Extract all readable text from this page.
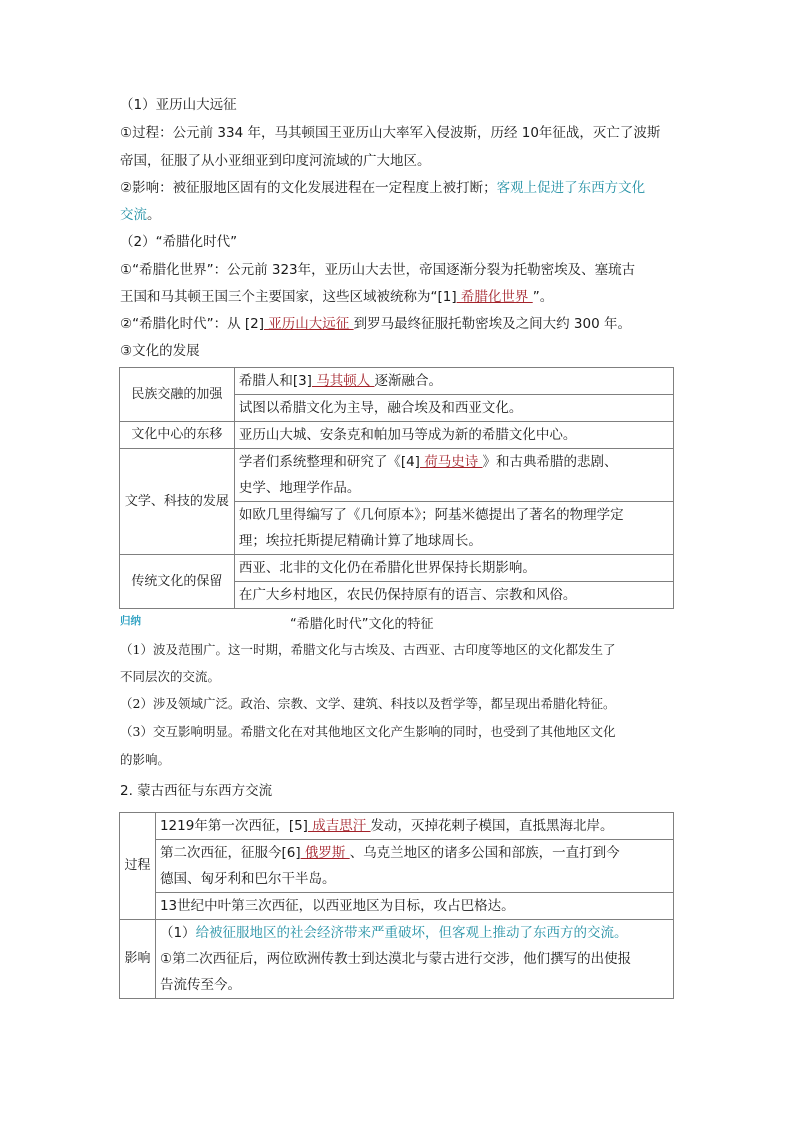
（1）亚历山大远征
①过程：公元前 334 年，马其顿国王亚历山大率军入侵波斯，历经 10年征战，灭亡了波斯
帝国，征服了从小亚细亚到印度河流域的广大地区。
②影响：被征服地区固有的文化发展进程在一定程度上被打断；客观上促进了东西方文化
交流。
（2）“希腊化时代”
①“希腊化世界”：公元前 323年，亚历山大去世，帝国逐渐分裂为托勒密埃及、塞琉古
王国和马其顿王国三个主要国家，这些区域被统称为“[1] 希腊化世界 ”。
②“希腊化时代”：从 [2] 亚历山大远征 到罗马最终征服托勒密埃及之间大约 300 年。
③文化的发展
民族交融的加强	希腊人和[3] 马其顿人 逐渐融合。
	试图以希腊文化为主导，融合埃及和西亚文化。
文化中心的东移	亚历山大城、安条克和帕加马等成为新的希腊文化中心。
文学、科技的发展	学者们系统整理和研究了《[4] 荷马史诗 》和古典希腊的悲剧、
史学、地理学作品。

	如欧几里得编写了《几何原本》；阿基米德提出了著名的物理学定
理；埃拉托斯提尼精确计算了地球周长。

传统文化的保留	西亚、北非的文化仍在希腊化世界保持长期影响。
	在广大乡村地区，农民仍保持原有的语言、宗教和风俗。
归纳	“希腊化时代”文化的特征
（1）波及范围广。这一时期，希腊文化与古埃及、古西亚、古印度等地区的文化都发生了
不同层次的交流。
（2）涉及领域广泛。政治、宗教、文学、建筑、科技以及哲学等，都呈现出希腊化特征。
（3）交互影响明显。希腊文化在对其他地区文化产生影响的同时，也受到了其他地区文化
的影响。
2. 蒙古西征与东西方交流
过程	1219年第一次西征，[5] 成吉思汗 发动，灭掉花剌子模国，直抵黑海北岸。

	第二次西征，征服今[6] 俄罗斯 、乌克兰地区的诸多公国和部族，一直打到今
德国、匈牙利和巴尔干半岛。

	13世纪中叶第三次西征，以西亚地区为目标，攻占巴格达。
影响	（1）给被征服地区的社会经济带来严重破坏，但客观上推动了东西方的交流。
①第二次西征后，两位欧洲传教士到达漠北与蒙古进行交涉，他们撰写的出使报
告流传至今。
